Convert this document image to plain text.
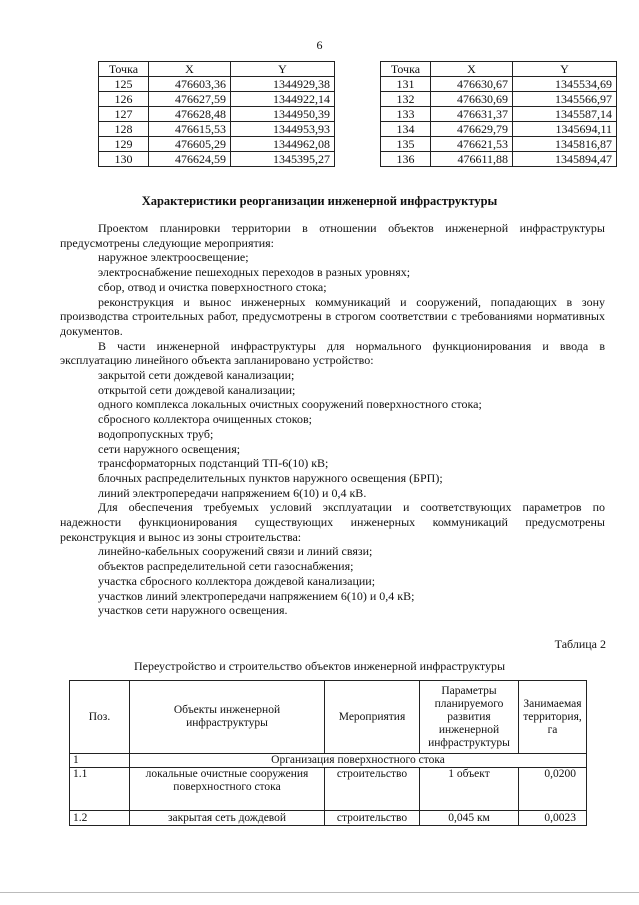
6
Точка	X	Y
125	476603,36	1344929,38
126	476627,59	1344922,14
127	476628,48	1344950,39
128	476615,53	1344953,93
129	476605,29	1344962,08
130	476624,59	1345395,27
Точка	X	Y
131	476630,67	1345534,69
132	476630,69	1345566,97
133	476631,37	1345587,14
134	476629,79	1345694,11
135	476621,53	1345816,87
136	476611,88	1345894,47
Характеристики реорганизации инженерной инфраструктуры

Проектом планировки территории в отношении объектов инженерной инфраструктуры предусмотрены следующие мероприятия:

наружное электроосвещение;

электроснабжение пешеходных переходов в разных уровнях;

сбор, отвод и очистка поверхностного стока;

реконструкция и вынос инженерных коммуникаций и сооружений, попадающих в зону производства строительных работ, предусмотрены в строгом соответствии с требованиями нормативных документов.

В части инженерной инфраструктуры для нормального функционирования и ввода в эксплуатацию линейного объекта запланировано устройство:

закрытой сети дождевой канализации;

открытой сети дождевой канализации;

одного комплекса локальных очистных сооружений поверхностного стока;

сбросного коллектора очищенных стоков;

водопропускных труб;

сети наружного освещения;

трансформаторных подстанций ТП-6(10) кВ;

блочных распределительных пунктов наружного освещения (БРП);

линий электропередачи напряжением 6(10) и 0,4 кВ.

Для обеспечения требуемых условий эксплуатации и соответствующих параметров по надежности функционирования существующих инженерных коммуникаций предусмотрены реконструкция и вынос из зоны строительства:

линейно-кабельных сооружений связи и линий связи;

объектов распределительной сети газоснабжения;

участка сбросного коллектора дождевой канализации;

участков линий электропередачи напряжением 6(10) и 0,4 кВ;

участков сети наружного освещения.

Таблица 2
Переустройство и строительство объектов инженерной инфраструктуры
Поз.	Объекты инженерной инфраструктуры	Мероприятия	Параметры планируемого развития инженерной инфраструктуры	Занимаемая территория, га
1	Организация поверхностного стока			
1.1	локальные очистные сооружения поверхностного стока	строительство	1 объект	0,0200
1.2	закрытая сеть дождевой	строительство	0,045 км	0,0023
